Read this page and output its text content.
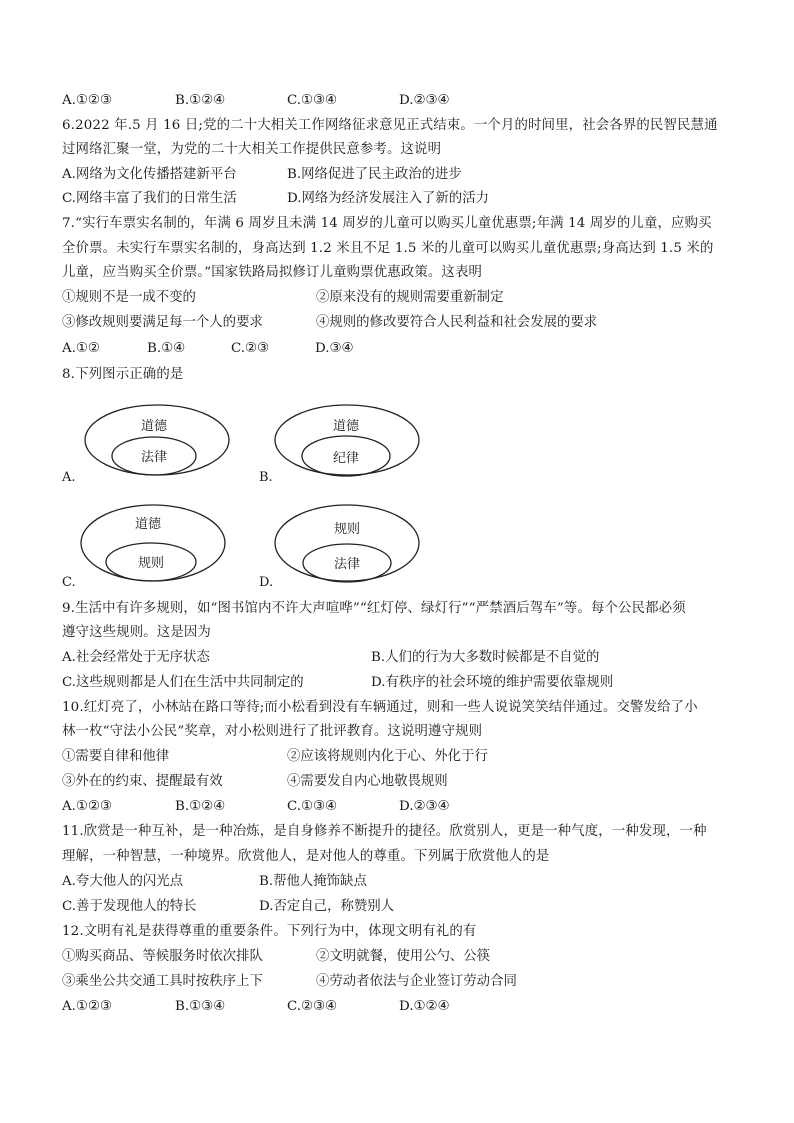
A.①②③	B.①②④	C.①③④	D.②③④
6.2022 年.5 月 16 日;党的二十大相关工作网络征求意见正式结束。一个月的时间里，社会各界的民智民慧通
过网络汇聚一堂，为党的二十大相关工作提供民意参考。这说明
A.网络为文化传播搭建新平台	B.网络促进了民主政治的进步
C.网络丰富了我们的日常生活	D.网络为经济发展注入了新的活力
7.“实行车票实名制的，年满 6 周岁且未满 14 周岁的儿童可以购买儿童优惠票;年满 14 周岁的儿童，应购买
全价票。未实行车票实名制的，身高达到 1.2 米且不足 1.5 米的儿童可以购买儿童优惠票;身高达到 1.5 米的
儿童，应当购买全价票。”国家铁路局拟修订儿童购票优惠政策。这表明
①规则不是一成不变的	②原来没有的规则需要重新制定
③修改规则要满足每一个人的要求	④规则的修改要符合人民利益和社会发展的要求
A.①②	B.①④	C.②③	D.③④
8.下列图示正确的是
道德
法律
A.
道德
纪律
B.
道德
规则
C.
规则
法律
D.
9.生活中有许多规则，如“图书馆内不许大声喧哗”“红灯停、绿灯行”“严禁酒后驾车”等。每个公民都必须
遵守这些规则。这是因为
A.社会经常处于无序状态	B.人们的行为大多数时候都是不自觉的
C.这些规则都是人们在生活中共同制定的	D.有秩序的社会环境的维护需要依靠规则
10.红灯亮了，小林站在路口等待;而小松看到没有车辆通过，则和一些人说说笑笑结伴通过。交警发给了小
林一枚“守法小公民”奖章，对小松则进行了批评教育。这说明遵守规则
①需要自律和他律	②应该将规则内化于心、外化于行
③外在的约束、提醒最有效	④需要发自内心地敬畏规则
A.①②③	B.①②④	C.①③④	D.②③④
11.欣赏是一种互补，是一种冶炼，是自身修养不断提升的捷径。欣赏别人，更是一种气度，一种发现，一种
理解，一种智慧，一种境界。欣赏他人，是对他人的尊重。下列属于欣赏他人的是
A.夸大他人的闪光点	B.帮他人掩饰缺点
C.善于发现他人的特长	D.否定自己，称赞别人
12.文明有礼是获得尊重的重要条件。下列行为中，体现文明有礼的有
①购买商品、等候服务时依次排队	②文明就餐，使用公勺、公筷
③乘坐公共交通工具时按秩序上下	④劳动者依法与企业签订劳动合同
A.①②③	B.①③④	C.②③④	D.①②④
